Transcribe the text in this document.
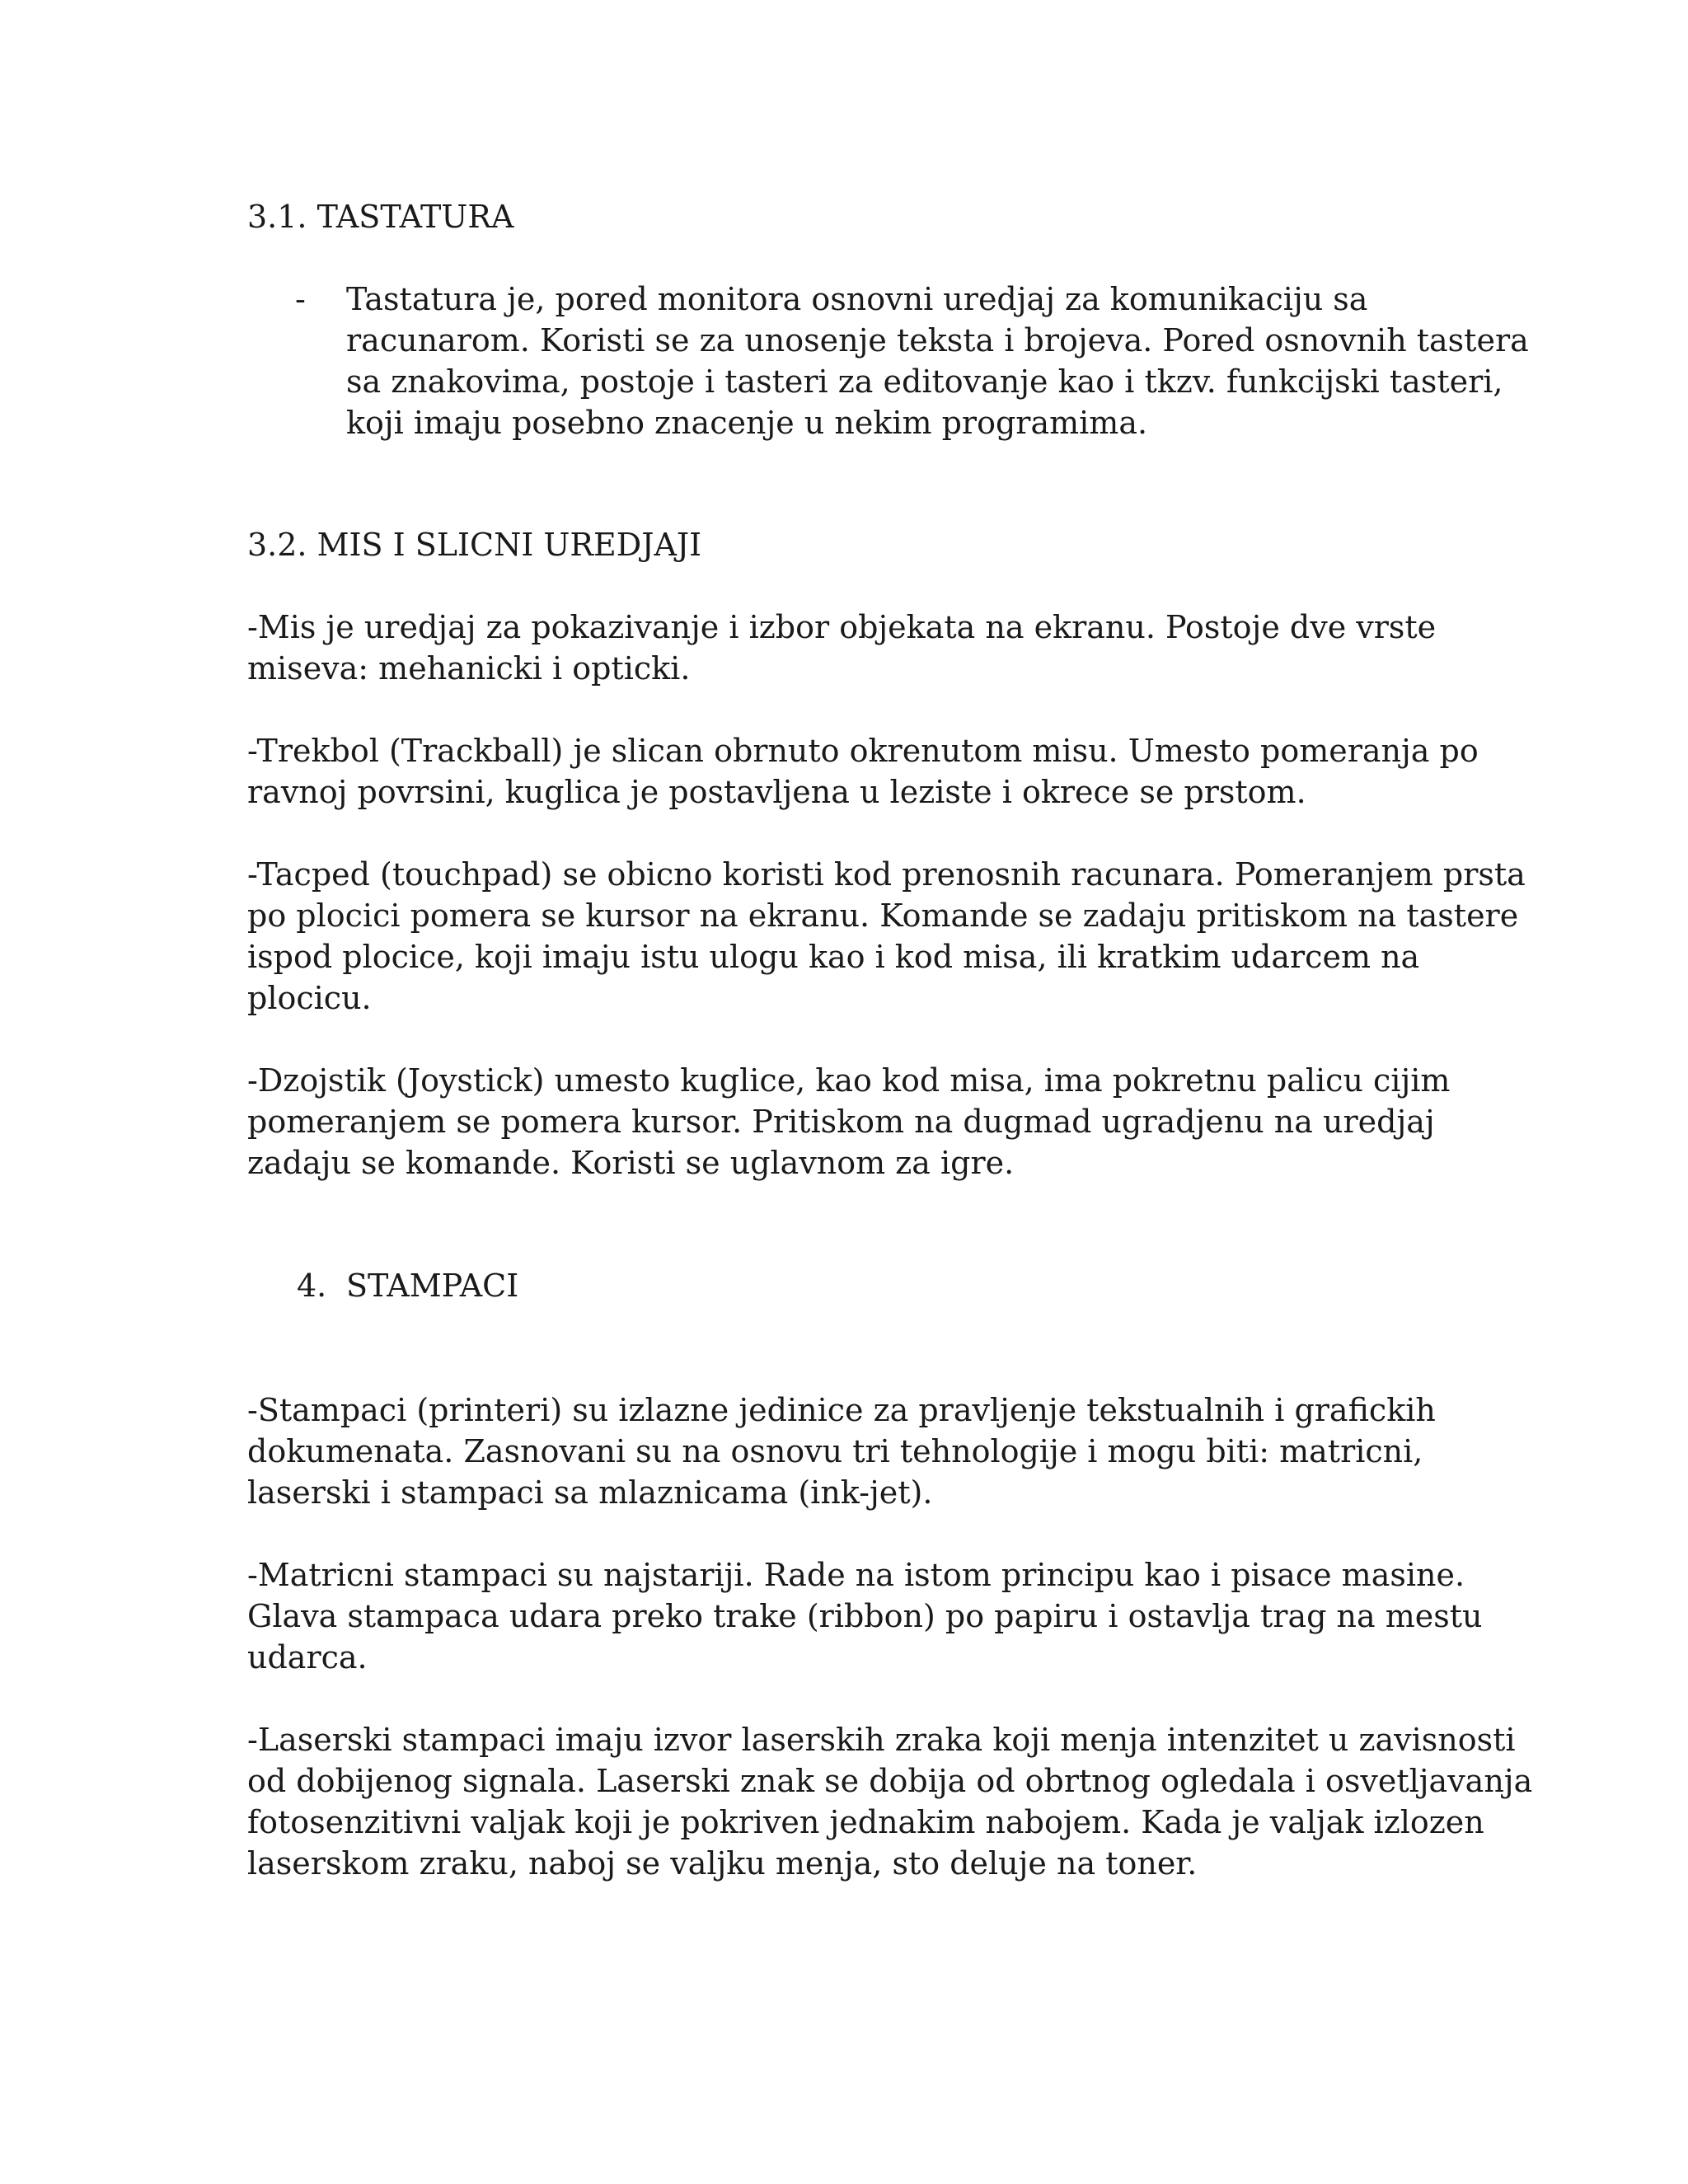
3.1. TASTATURA

- Tastatura je, pored monitora osnovni uredjaj za komunikaciju sa

racunarom. Koristi se za unosenje teksta i brojeva. Pored osnovnih tastera

sa znakovima, postoje i tasteri za editovanje kao i tkzv. funkcijski tasteri,

koji imaju posebno znacenje u nekim programima.

3.2. MIS I SLICNI UREDJAJI

-Mis je uredjaj za pokazivanje i izbor objekata na ekranu. Postoje dve vrste

miseva: mehanicki i opticki.

-Trekbol (Trackball) je slican obrnuto okrenutom misu. Umesto pomeranja po

ravnoj povrsini, kuglica je postavljena u leziste i okrece se prstom.

-Tacped (touchpad) se obicno koristi kod prenosnih racunara. Pomeranjem prsta

po plocici pomera se kursor na ekranu. Komande se zadaju pritiskom na tastere

ispod plocice, koji imaju istu ulogu kao i kod misa, ili kratkim udarcem na

plocicu.

-Dzojstik (Joystick) umesto kuglice, kao kod misa, ima pokretnu palicu cijim

pomeranjem se pomera kursor. Pritiskom na dugmad ugradjenu na uredjaj

zadaju se komande. Koristi se uglavnom za igre.

4. STAMPACI

-Stampaci (printeri) su izlazne jedinice za pravljenje tekstualnih i grafickih

dokumenata. Zasnovani su na osnovu tri tehnologije i mogu biti: matricni,

laserski i stampaci sa mlaznicama (ink-jet).

-Matricni stampaci su najstariji. Rade na istom principu kao i pisace masine.

Glava stampaca udara preko trake (ribbon) po papiru i ostavlja trag na mestu

udarca.

-Laserski stampaci imaju izvor laserskih zraka koji menja intenzitet u zavisnosti

od dobijenog signala. Laserski znak se dobija od obrtnog ogledala i osvetljavanja

fotosenzitivni valjak koji je pokriven jednakim nabojem. Kada je valjak izlozen

laserskom zraku, naboj se valjku menja, sto deluje na toner.
